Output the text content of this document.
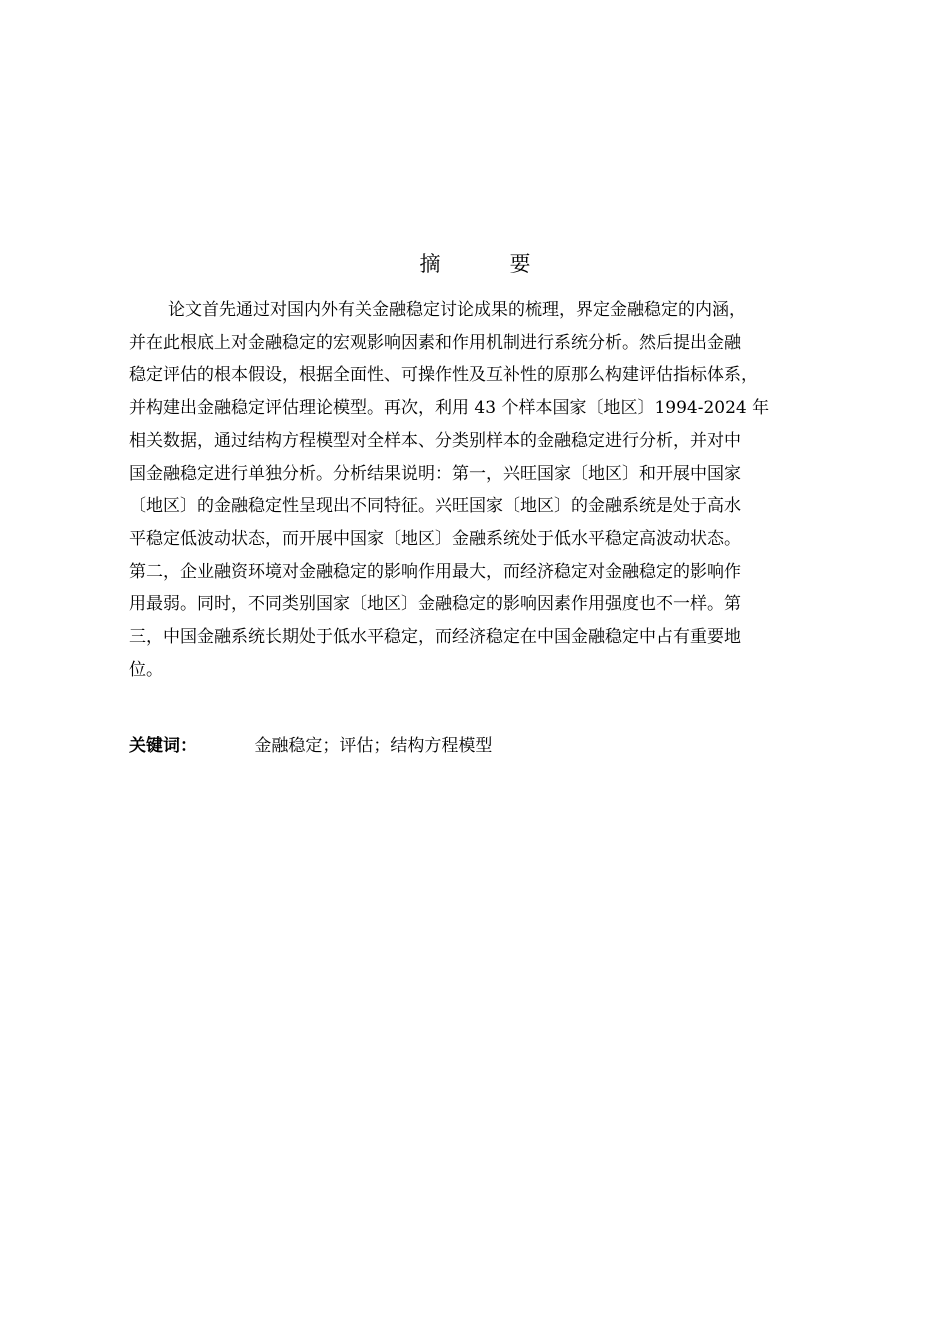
摘　要
论文首先通过对国内外有关金融稳定讨论成果的梳理，界定金融稳定的内涵，
并在此根底上对金融稳定的宏观影响因素和作用机制进行系统分析。然后提出金融
稳定评估的根本假设，根据全面性、可操作性及互补性的原那么构建评估指标体系，
并构建出金融稳定评估理论模型。再次，利用 43 个样本国家〔地区〕1994-2024 年
相关数据，通过结构方程模型对全样本、分类别样本的金融稳定进行分析，并对中
国金融稳定进行单独分析。分析结果说明：第一，兴旺国家〔地区〕和开展中国家
〔地区〕的金融稳定性呈现出不同特征。兴旺国家〔地区〕的金融系统是处于高水
平稳定低波动状态，而开展中国家〔地区〕金融系统处于低水平稳定高波动状态。
第二，企业融资环境对金融稳定的影响作用最大，而经济稳定对金融稳定的影响作
用最弱。同时，不同类别国家〔地区〕金融稳定的影响因素作用强度也不一样。第
三，中国金融系统长期处于低水平稳定，而经济稳定在中国金融稳定中占有重要地
位。
关键词：	金融稳定；评估；结构方程模型
